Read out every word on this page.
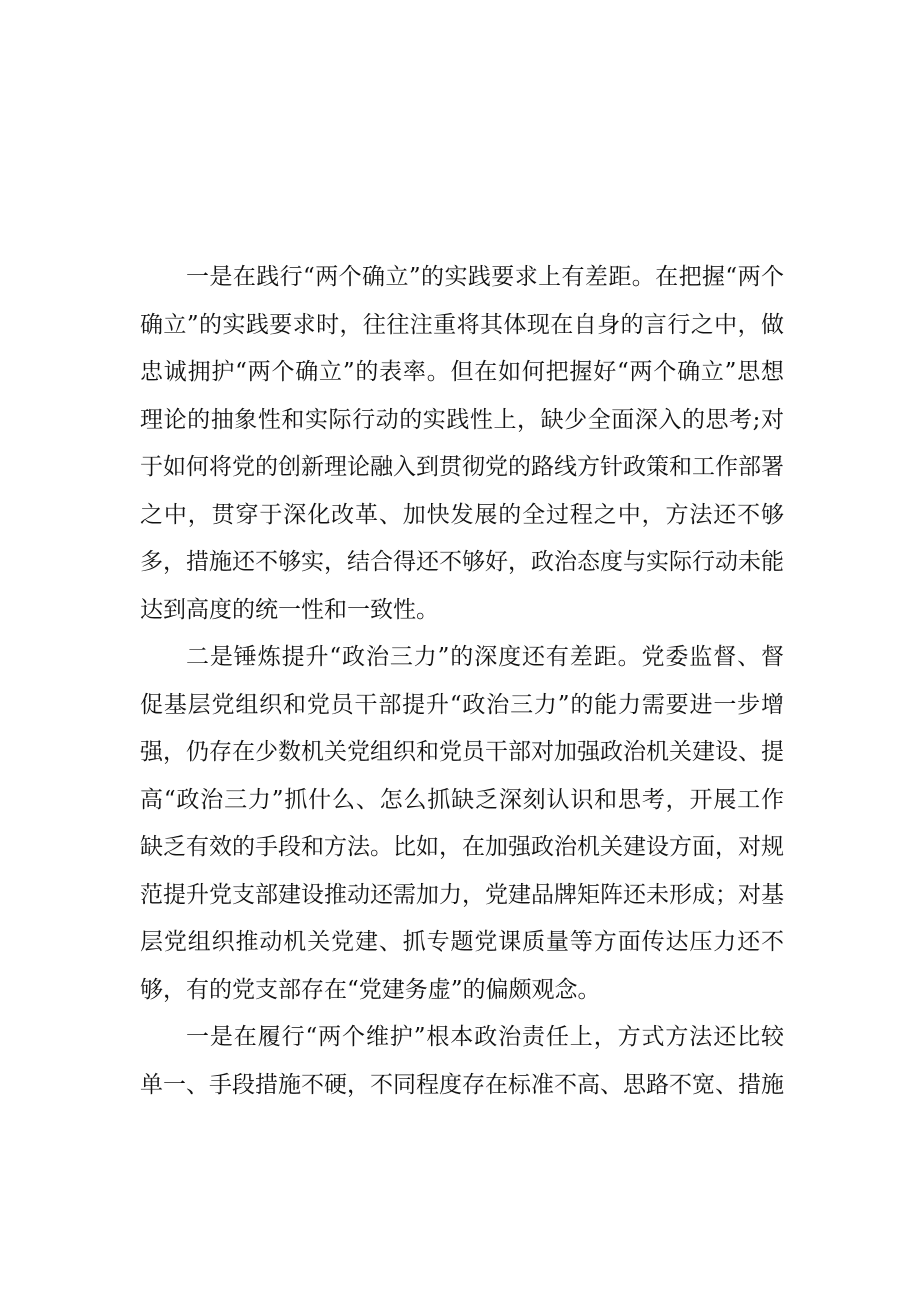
一是在践行“两个确立”的实践要求上有差距。在把握“两个确立”的实践要求时，往往注重将其体现在自身的言行之中，做忠诚拥护“两个确立”的表率。但在如何把握好“两个确立”思想理论的抽象性和实际行动的实践性上，缺少全面深入的思考;对于如何将党的创新理论融入到贯彻党的路线方针政策和工作部署之中，贯穿于深化改革、加快发展的全过程之中，方法还不够多，措施还不够实，结合得还不够好，政治态度与实际行动未能达到高度的统一性和一致性。

二是锤炼提升“政治三力”的深度还有差距。党委监督、督促基层党组织和党员干部提升“政治三力”的能力需要进一步增强，仍存在少数机关党组织和党员干部对加强政治机关建设、提高“政治三力”抓什么、怎么抓缺乏深刻认识和思考，开展工作缺乏有效的手段和方法。比如，在加强政治机关建设方面，对规范提升党支部建设推动还需加力，党建品牌矩阵还未形成；对基层党组织推动机关党建、抓专题党课质量等方面传达压力还不够，有的党支部存在“党建务虚”的偏颇观念。

一是在履行“两个维护”根本政治责任上，方式方法还比较单一、手段措施不硬，不同程度存在标准不高、思路不宽、措施
